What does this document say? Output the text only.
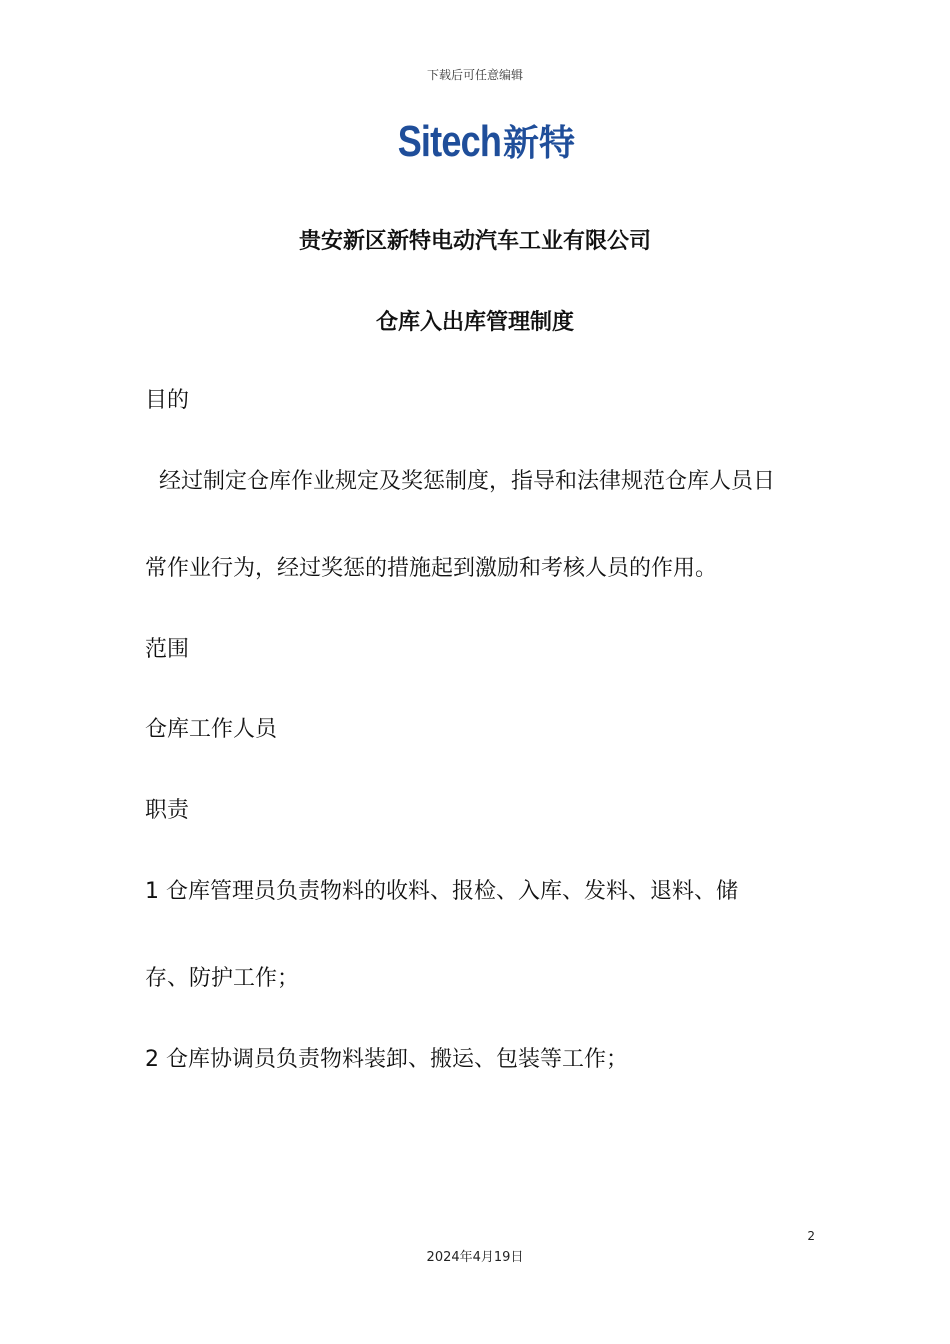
下载后可任意编辑
Sitech 新特
贵安新区新特电动汽车工业有限公司
仓库入出库管理制度
目的
经过制定仓库作业规定及奖惩制度，指导和法律规范仓库人员日
常作业行为，经过奖惩的措施起到激励和考核人员的作用。
范围
仓库工作人员
职责
1 仓库管理员负责物料的收料、报检、入库、发料、退料、储
存、防护工作；
2 仓库协调员负责物料装卸、搬运、包装等工作；
2
2024年4月19日
